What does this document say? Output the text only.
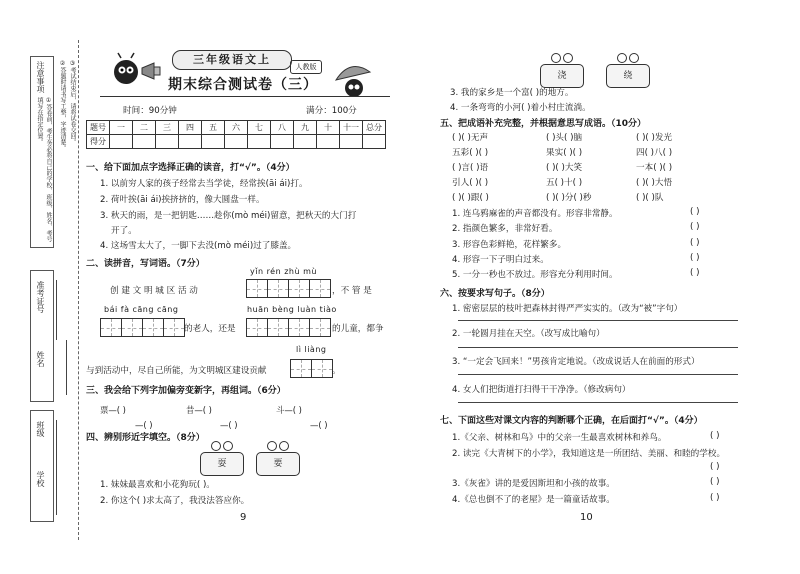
注意事项
①答卷前，考生务必将自己的学校、班级、姓名、考号填写在指定位置。	②答题时请书写工整，字迹清楚。 ③考试结束后，请将试卷交回。
姓名
准考证号
学校
班级
三年级语文上
人教版
期末综合测试卷（三）
时间：90分钟	满分：100分
题号	一	二	三	四	五	六	七	八	九	十	十一	总分
得分												
一、给下面加点字选择正确的读音，打“√”。（4分）
1. 以前穷人家的孩子经常去当学徒，经常挨(āi ái)打。
2. 荷叶挨(āi ái)挨挤挤的，像大圆盘一样。
3. 秋天的雨，是一把钥匙……趁你(mò méi)留意，把秋天的大门打
开了。
4. 这场雪太大了，一脚下去没(mò méi)过了膝盖。
二、读拼音，写词语。（7分）
yǐn rén zhù mù
创 建 文 明 城 区 活 动	，不 管 是
bái fà cāng cāng	huān bèng luàn tiào
的老人，还是	的儿童，都争
lì liàng
与到活动中，尽自己所能，为文明城区建设贡献	。
三、我会给下列字加偏旁变新字，再组词。（6分）
票—( )
—( )
昔—( )
—( )
斗—( )
—( )
四、辨别形近字填空。（8分）
耍	要
1. 妹妹最喜欢和小花狗玩( )。
2. 你这个( )求太高了，我没法答应你。
9
浇	绕
3. 我的家乡是一个富( )的地方。
4. 一条弯弯的小河( )着小村庄流淌。
五、把成语补充完整，并根据意思写成语。（10分）
( )( )无声	( )头( )脑	( )( )发光
五彩( )( )	果实( )( )	四( )八( )
( )言( )语	( )( )大笑	一本( )( )
引人( )( )	五( )十( )	( )( )大悟
( )( )跟( )	( )( )分( )秒	( )( )队
1. 连乌鸦麻雀的声音都没有。形容非常静。	( )
2. 指颜色繁多，非常好看。	( )
3. 形容色彩鲜艳，花样繁多。	( )
4. 形容一下子明白过来。	( )
5. 一分一秒也不放过。形容充分利用时间。	( )
六、按要求写句子。（8分）
1. 密密层层的枝叶把森林封得严严实实的。（改为“被”字句）
2. 一轮圆月挂在天空。（改写成比喻句）
3. “一定会飞回来！”男孩肯定地说。（改成说话人在前面的形式）
4. 女人们把街道打扫得干干净净。（修改病句）
七、下面这些对课文内容的判断哪个正确，在后面打“√”。（4分）
1.《父亲、树林和鸟》中的父亲一生最喜欢树林和养鸟。	( )
2. 读完《大青树下的小学》，我知道这是一所团结、美丽、和睦的学校。
( )
3.《灰雀》讲的是爱因斯坦和小孩的故事。	( )
4.《总也倒不了的老屋》是一篇童话故事。	( )
10
